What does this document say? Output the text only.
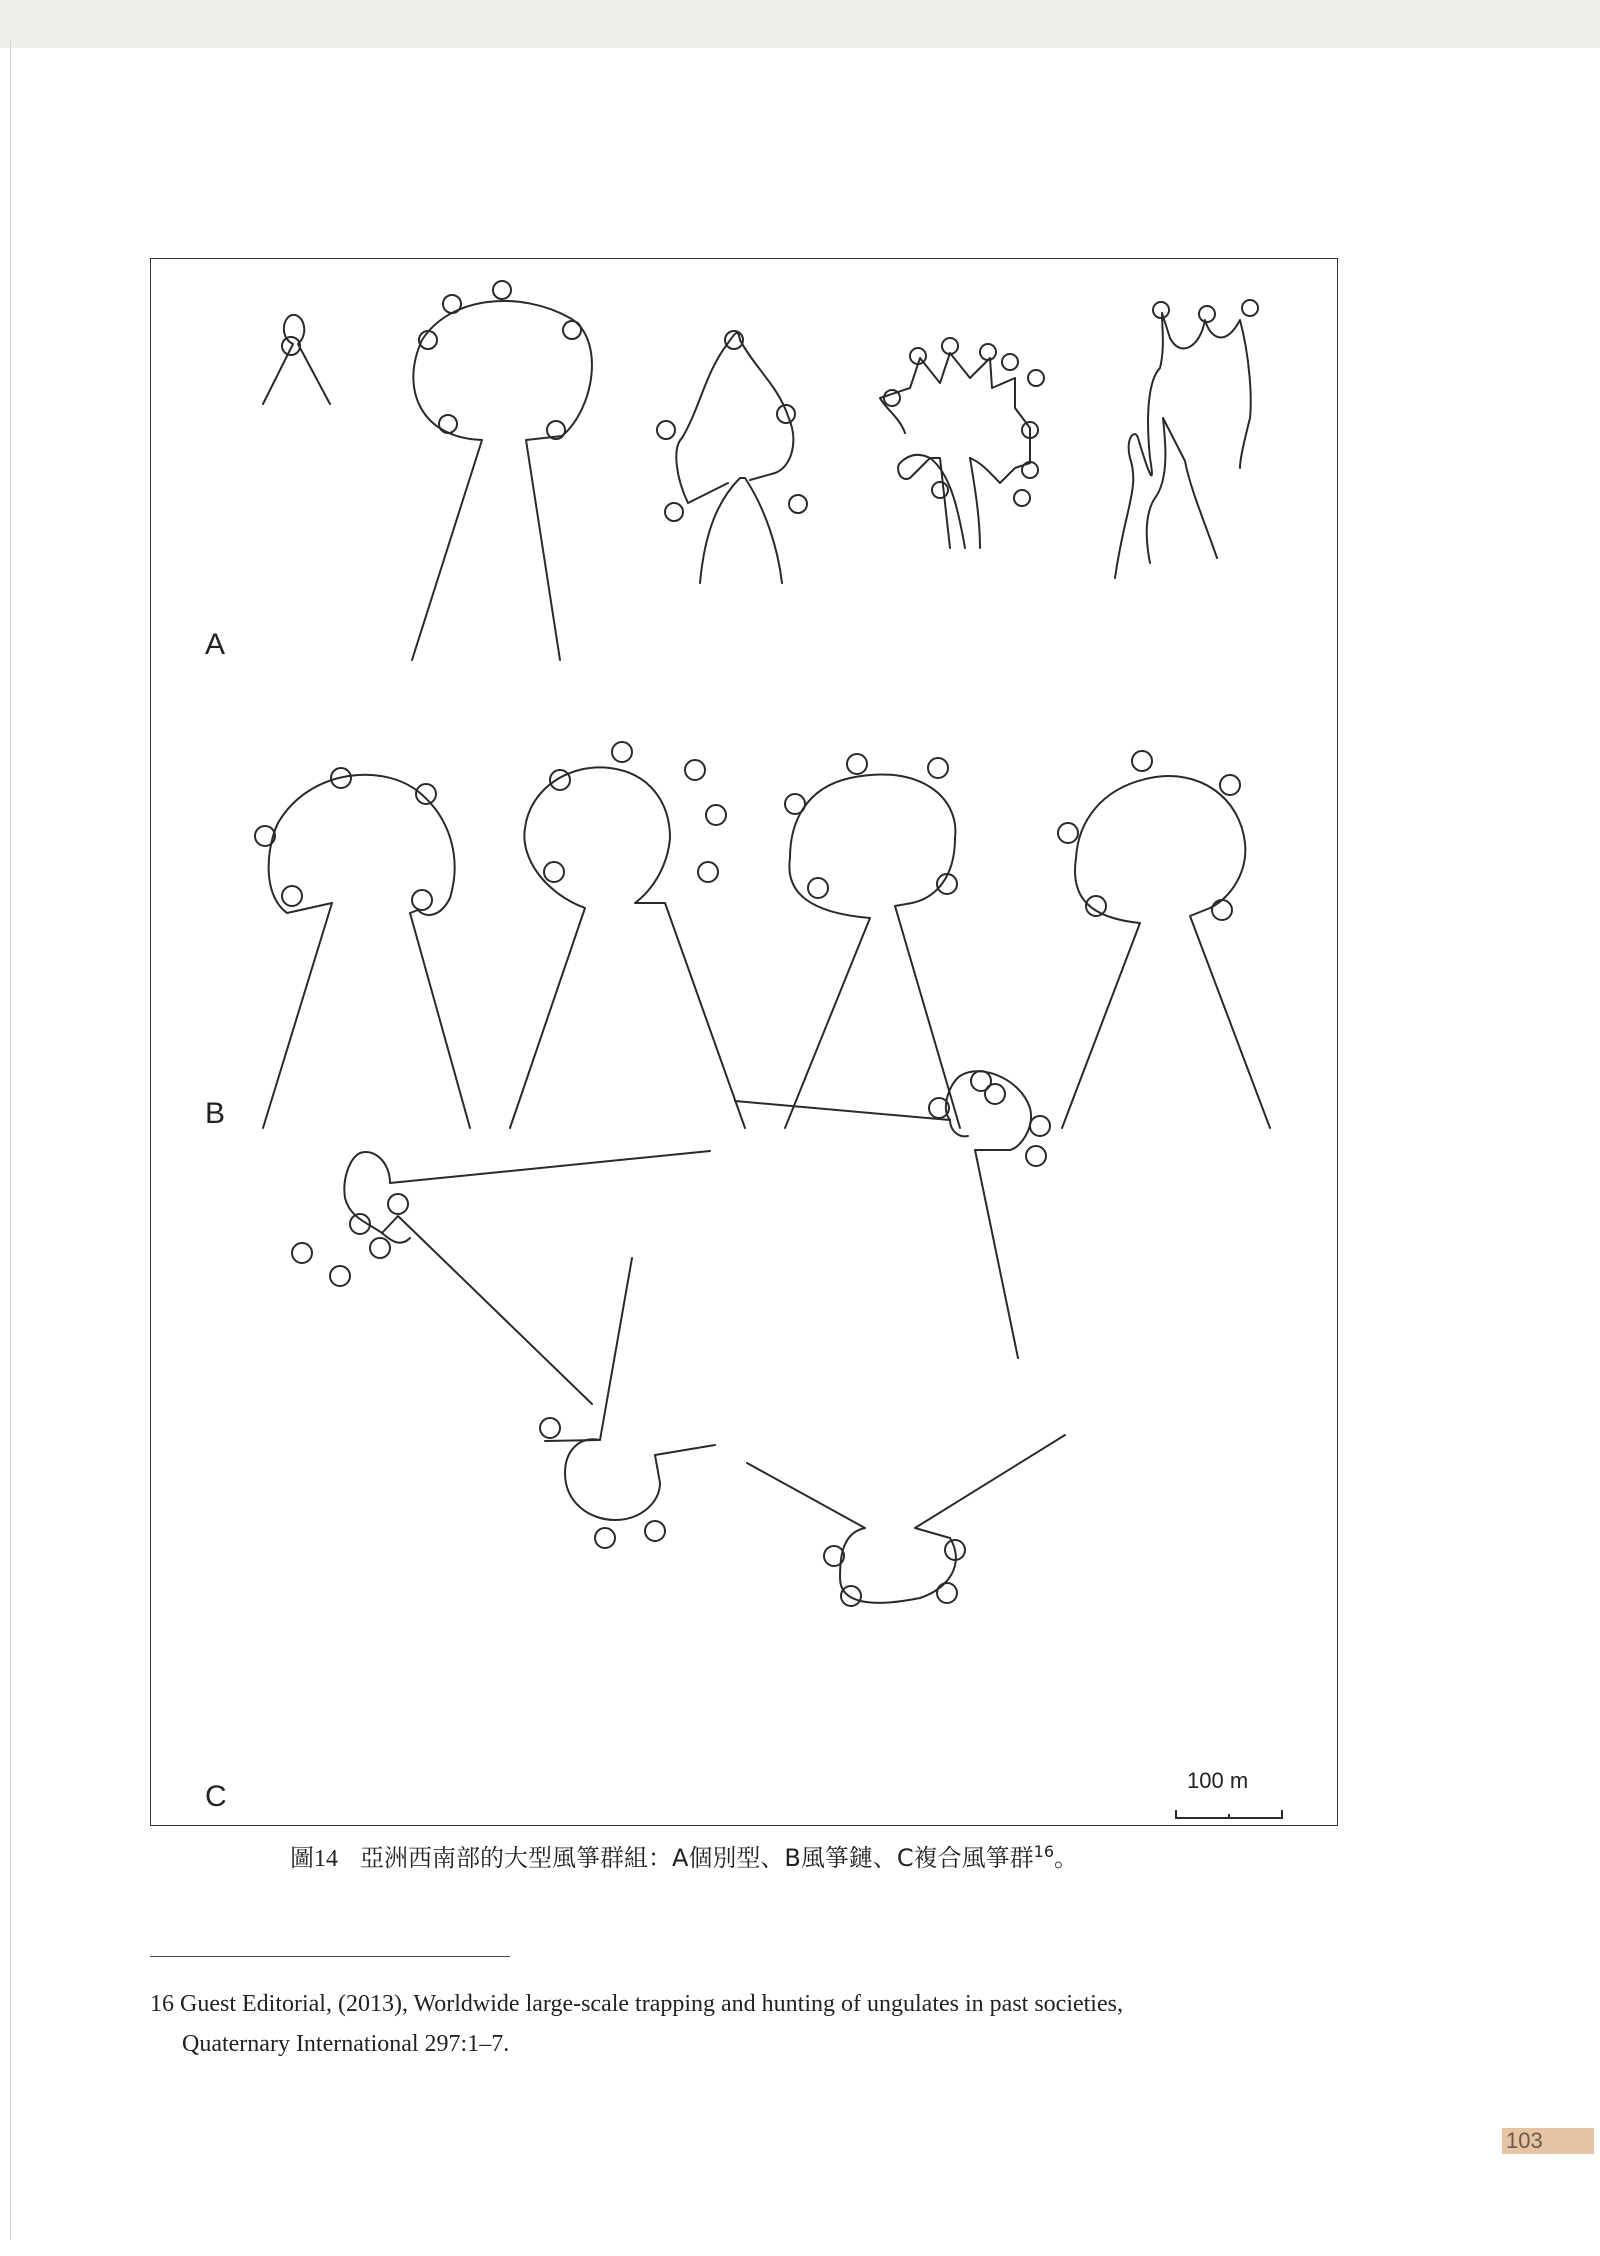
A
B
C	100 m
圖14 亞洲西南部的大型風箏群組：A個別型、B風箏鏈、C複合風箏群$^{16}$。
16 Guest Editorial, (2013), Worldwide large-scale trapping and hunting of ungulates in past societies,
Quaternary International 297:1–7.
103
